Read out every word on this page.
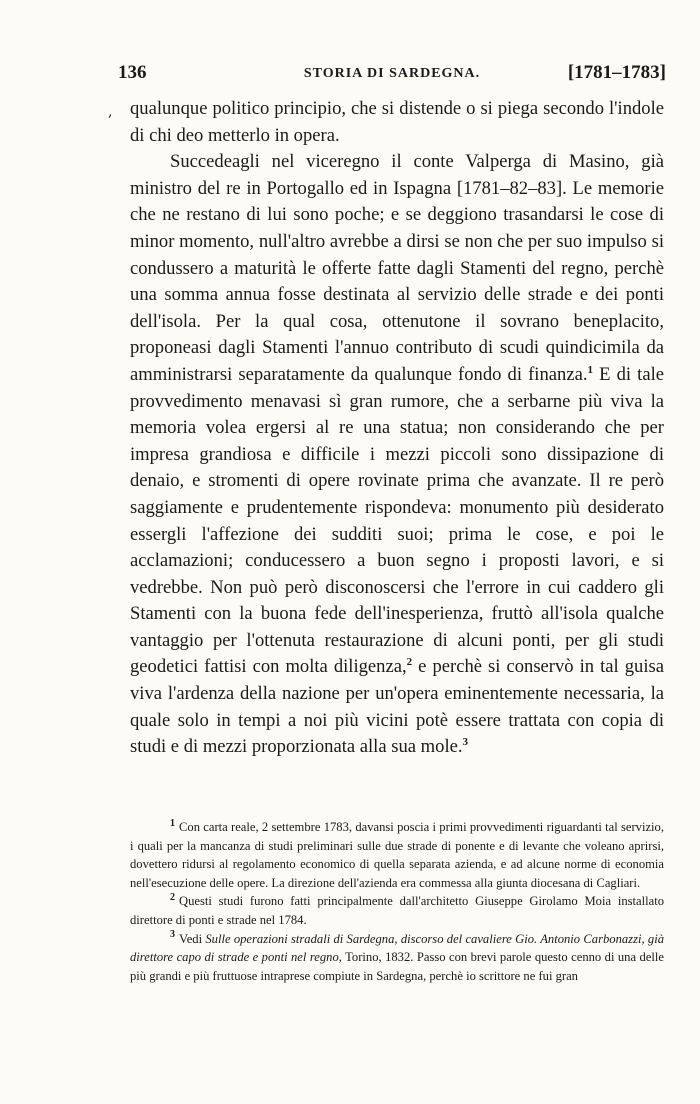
136	STORIA DI SARDEGNA.	[1781–1783]
, qualunque politico principio, che si distende o si piega secondo l'indole di chi deo metterlo in opera.

Succedeagli nel viceregno il conte Valperga di Masino, già ministro del re in Portogallo ed in Ispagna [1781–82–83]. Le memorie che ne restano di lui sono poche; e se deggiono trasandarsi le cose di minor momento, null'altro avrebbe a dirsi se non che per suo impulso si condussero a maturità le offerte fatte dagli Stamenti del regno, perchè una somma annua fosse destinata al servizio delle strade e dei ponti dell'isola. Per la qual cosa, ottenutone il sovrano beneplacito, proponeasi dagli Stamenti l'annuo contributo di scudi quindicimila da amministrarsi separatamente da qualunque fondo di finanza.$^1$ E di tale provvedimento menavasi sì gran rumore, che a serbarne più viva la memoria volea ergersi al re una statua; non considerando che per impresa grandiosa e difficile i mezzi piccoli sono dissipazione di denaio, e stromenti di opere rovinate prima che avanzate. Il re però saggiamente e prudentemente rispondeva: monumento più desiderato essergli l'affezione dei sudditi suoi; prima le cose, e poi le acclamazioni; conducessero a buon segno i proposti lavori, e si vedrebbe. Non può però disconoscersi che l'errore in cui caddero gli Stamenti con la buona fede dell'inesperienza, fruttò all'isola qualche vantaggio per l'ottenuta restaurazione di alcuni ponti, per gli studi geodetici fattisi con molta diligenza,$^2$ e perchè si conservò in tal guisa viva l'ardenza della nazione per un'opera eminentemente necessaria, la quale solo in tempi a noi più vicini potè essere trattata con copia di studi e di mezzi proporzionata alla sua mole.$^3$

$^1$ Con carta reale, 2 settembre 1783, davansi poscia i primi provvedimenti riguardanti tal servizio, i quali per la mancanza di studi preliminari sulle due strade di ponente e di levante che voleano aprirsi, dovettero ridursi al regolamento economico di quella separata azienda, e ad alcune norme di economia nell'esecuzione delle opere. La direzione dell'azienda era commessa alla giunta diocesana di Cagliari.

$^2$ Questi studi furono fatti principalmente dall'architetto Giuseppe Girolamo Moia installato direttore di ponti e strade nel 1784.

$^3$ Vedi Sulle operazioni stradali di Sardegna, discorso del cavaliere Gio. Antonio Carbonazzi, già direttore capo di strade e ponti nel regno, Torino, 1832. Passo con brevi parole questo cenno di una delle più grandi e più fruttuose intraprese compiute in Sardegna, perchè io scrittore ne fui gran
